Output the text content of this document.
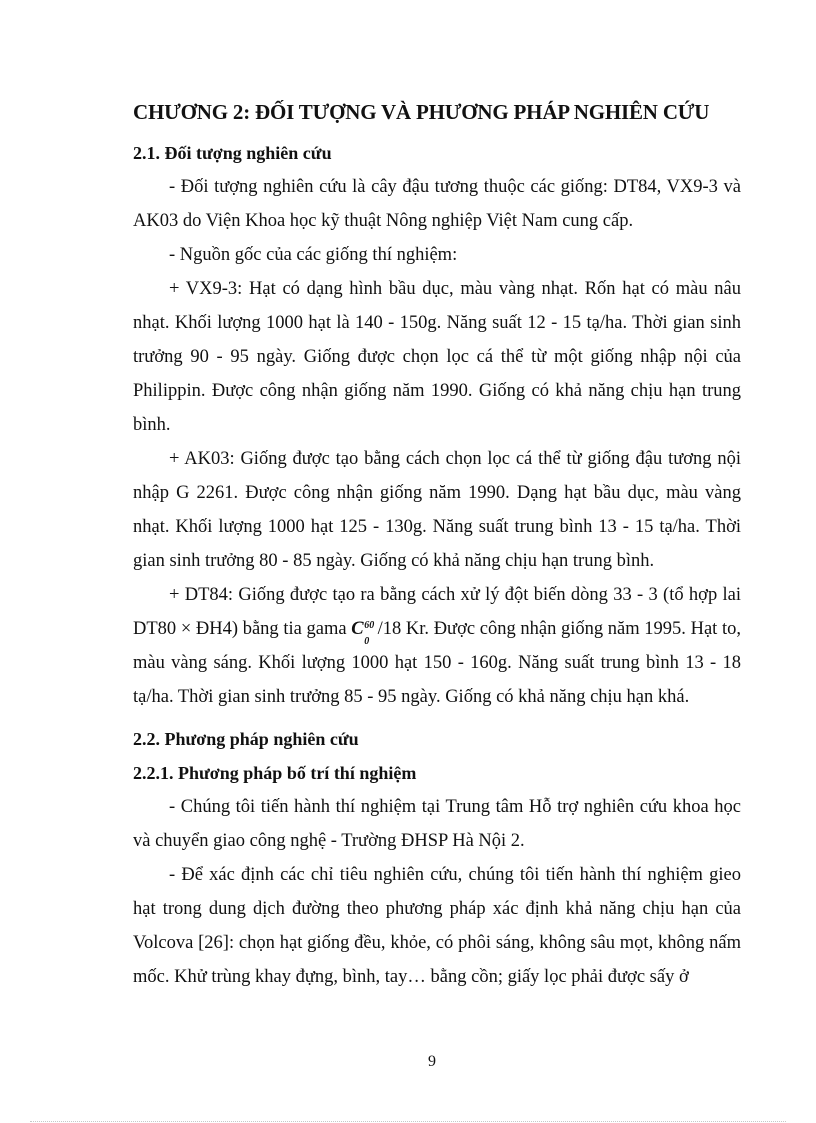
CHƯƠNG 2: ĐỐI TƯỢNG VÀ PHƯƠNG PHÁP NGHIÊN CỨU
2.1. Đối tượng nghiên cứu
- Đối tượng nghiên cứu là cây đậu tương thuộc các giống: DT84, VX9-3 và AK03 do Viện Khoa học kỹ thuật Nông nghiệp Việt Nam cung cấp.
- Nguồn gốc của các giống thí nghiệm:
+ VX9-3: Hạt có dạng hình bầu dục, màu vàng nhạt. Rốn hạt có màu nâu nhạt. Khối lượng 1000 hạt là 140 - 150g. Năng suất 12 - 15 tạ/ha. Thời gian sinh trưởng 90 - 95 ngày. Giống được chọn lọc cá thể từ một giống nhập nội của Philippin. Được công nhận giống năm 1990. Giống có khả năng chịu hạn trung bình.
+ AK03: Giống được tạo bằng cách chọn lọc cá thể từ giống đậu tương nội nhập G 2261. Được công nhận giống năm 1990. Dạng hạt bầu dục, màu vàng nhạt. Khối lượng 1000 hạt 125 - 130g. Năng suất trung bình 13 - 15 tạ/ha. Thời gian sinh trưởng 80 - 85 ngày. Giống có khả năng chịu hạn trung bình.
+ DT84: Giống được tạo ra bằng cách xử lý đột biến dòng 33 - 3 (tổ hợp lai DT80 × ĐH4) bằng tia gama C 60
0
/18 Kr. Được công nhận giống năm 1995. Hạt to, màu vàng sáng. Khối lượng 1000 hạt 150 - 160g. Năng suất trung bình 13 - 18 tạ/ha. Thời gian sinh trưởng 85 - 95 ngày. Giống có khả năng chịu hạn khá.
2.2. Phương pháp nghiên cứu
2.2.1. Phương pháp bố trí thí nghiệm
- Chúng tôi tiến hành thí nghiệm tại Trung tâm Hỗ trợ nghiên cứu khoa học và chuyển giao công nghệ - Trường ĐHSP Hà Nội 2.
- Để xác định các chỉ tiêu nghiên cứu, chúng tôi tiến hành thí nghiệm gieo hạt trong dung dịch đường theo phương pháp xác định khả năng chịu hạn của Volcova [26]: chọn hạt giống đều, khỏe, có phôi sáng, không sâu mọt, không nấm mốc. Khử trùng khay đựng, bình, tay… bằng cồn; giấy lọc phải được sấy ở
9
